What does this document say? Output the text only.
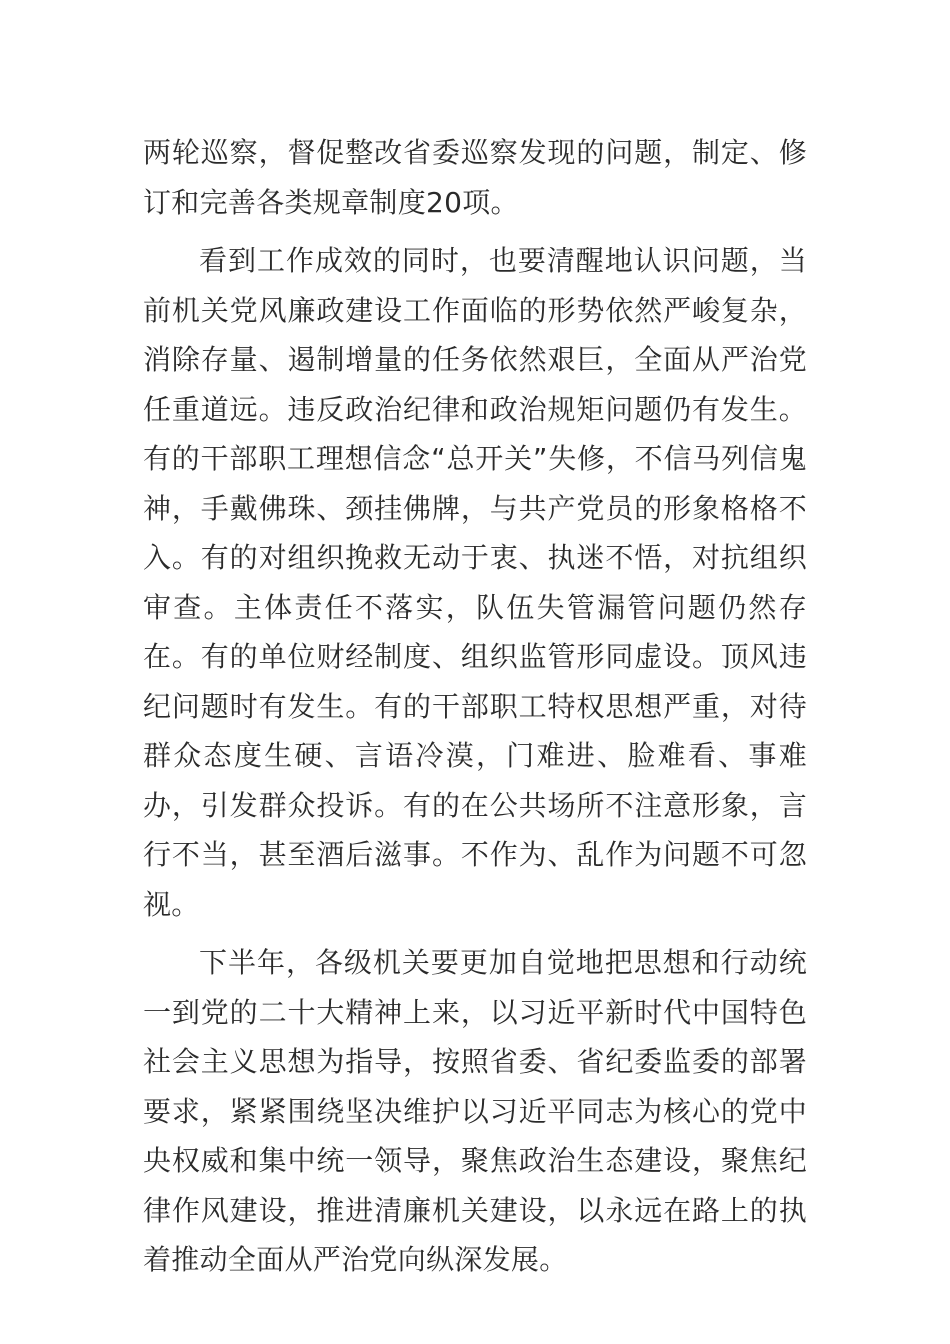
两轮巡察，督促整改省委巡察发现的问题，制定、修订和完善各类规章制度20项。

看到工作成效的同时，也要清醒地认识问题，当前机关党风廉政建设工作面临的形势依然严峻复杂，消除存量、遏制增量的任务依然艰巨，全面从严治党任重道远。违反政治纪律和政治规矩问题仍有发生。有的干部职工理想信念“总开关”失修，不信马列信鬼神，手戴佛珠、颈挂佛牌，与共产党员的形象格格不入。有的对组织挽救无动于衷、执迷不悟，对抗组织审查。主体责任不落实，队伍失管漏管问题仍然存在。有的单位财经制度、组织监管形同虚设。顶风违纪问题时有发生。有的干部职工特权思想严重，对待群众态度生硬、言语冷漠，门难进、脸难看、事难办，引发群众投诉。有的在公共场所不注意形象，言行不当，甚至酒后滋事。不作为、乱作为问题不可忽视。

下半年，各级机关要更加自觉地把思想和行动统一到党的二十大精神上来，以习近平新时代中国特色社会主义思想为指导，按照省委、省纪委监委的部署要求，紧紧围绕坚决维护以习近平同志为核心的党中央权威和集中统一领导，聚焦政治生态建设，聚焦纪律作风建设，推进清廉机关建设，以永远在路上的执着推动全面从严治党向纵深发展。
